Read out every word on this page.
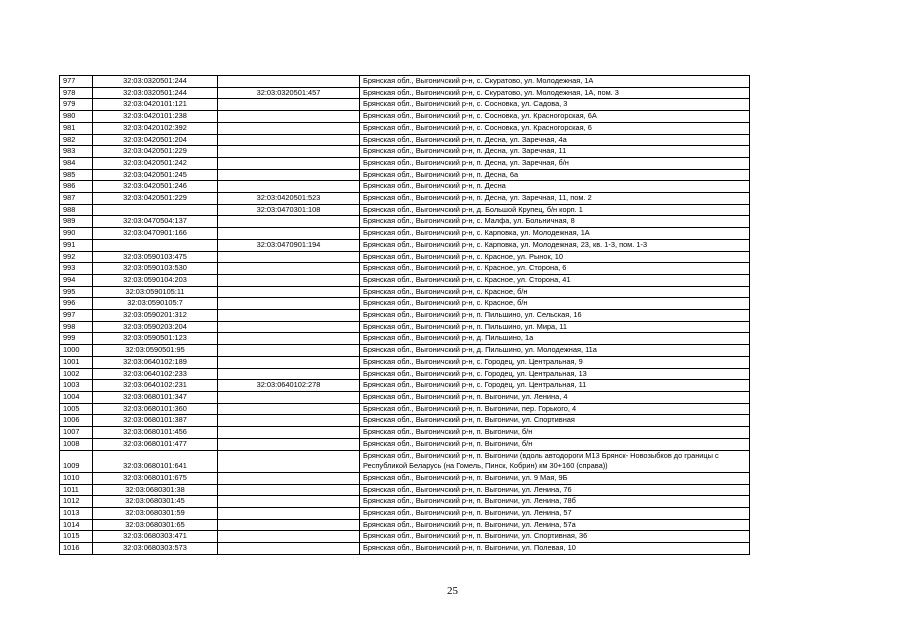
977	32:03:0320501:244		Брянская обл., Выгоничский р-н, с. Скуратово, ул. Молодежная, 1А
978	32:03:0320501:244	32:03:0320501:457	Брянская обл., Выгоничский р-н, с. Скуратово, ул. Молодежная, 1А, пом. 3
979	32:03:0420101:121		Брянская обл., Выгоничский р-н, с. Сосновка, ул. Садова, 3
980	32:03:0420101:238		Брянская обл., Выгоничский р-н, с. Сосновка, ул. Красногорская, 6А
981	32:03:0420102:392		Брянская обл., Выгоничский р-н, с. Сосновка, ул. Красногорская, 6
982	32:03:0420501:204		Брянская обл., Выгоничский р-н, п. Десна, ул. Заречная, 4а
983	32:03:0420501:229		Брянская обл., Выгоничский р-н, п. Десна, ул. Заречная, 11
984	32:03:0420501:242		Брянская обл., Выгоничский р-н, п. Десна, ул. Заречная, б/н
985	32:03:0420501:245		Брянская обл., Выгоничский р-н, п. Десна, 6а
986	32:03:0420501:246		Брянская обл., Выгоничский р-н, п. Десна
987	32:03:0420501:229	32:03:0420501:523	Брянская обл., Выгоничский р-н, п. Десна, ул. Заречная, 11, пом. 2
988		32:03:0470301:108	Брянская обл., Выгоничский р-н, д. Большой Крупец, б/н корп. 1
989	32:03:0470504:137		Брянская обл., Выгоничский р-н, с. Малфа, ул. Больничная, 8
990	32:03:0470901:166		Брянская обл., Выгоничский р-н, с. Карповка, ул. Молодежная, 1А
991		32:03:0470901:194	Брянская обл., Выгоничский р-н, с. Карповка, ул. Молодежная, 23, кв. 1-3, пом. 1-3
992	32:03:0590103:475		Брянская обл., Выгоничский р-н, с. Красное, ул. Рынок, 10
993	32:03:0590103:530		Брянская обл., Выгоничский р-н, с. Красное, ул. Сторона, 6
994	32:03:0590104:203		Брянская обл., Выгоничский р-н, с. Красное, ул. Сторона, 41
995	32:03:0590105:11		Брянская обл., Выгоничский р-н, с. Красное, б/н
996	32:03:0590105:7		Брянская обл., Выгоничский р-н, с. Красное, б/н
997	32:03:0590201:312		Брянская обл., Выгоничский р-н, п. Пильшино, ул. Сельская, 16
998	32:03:0590203:204		Брянская обл., Выгоничский р-н, п. Пильшино, ул. Мира, 11
999	32:03:0590501:123		Брянская обл., Выгоничский р-н, д. Пильшино, 1а
1000	32:03:0590501:95		Брянская обл., Выгоничский р-н, д. Пильшино, ул. Молодежная, 11а
1001	32:03:0640102:189		Брянская обл., Выгоничский р-н, с. Городец, ул. Центральная, 9
1002	32:03:0640102:233		Брянская обл., Выгоничский р-н, с. Городец, ул. Центральная, 13
1003	32:03:0640102:231	32:03:0640102:278	Брянская обл., Выгоничский р-н, с. Городец, ул. Центральная, 11
1004	32:03:0680101:347		Брянская обл., Выгоничский р-н, п. Выгоничи, ул. Ленина, 4
1005	32:03:0680101:360		Брянская обл., Выгоничский р-н, п. Выгоничи, пер. Горького, 4
1006	32:03:0680101:387		Брянская обл., Выгоничский р-н, п. Выгоничи, ул. Спортивная
1007	32:03:0680101:456		Брянская обл., Выгоничский р-н, п. Выгоничи, б/н
1008	32:03:0680101:477		Брянская обл., Выгоничский р-н, п. Выгоничи, б/н
1009	32:03:0680101:641		Брянская обл., Выгоничский р-н, п. Выгоничи (вдоль автодороги М13 Брянск- Новозыбков до границы с Республикой Беларусь (на Гомель, Пинск, Кобрин) км 30+160 (справа))
1010	32:03:0680101:675		Брянская обл., Выгоничский р-н, п. Выгоничи, ул. 9 Мая, 9Б
1011	32:03:0680301:38		Брянская обл., Выгоничский р-н, п. Выгоничи, ул. Ленина, 76
1012	32:03:0680301:45		Брянская обл., Выгоничский р-н, п. Выгоничи, ул. Ленина, 78б
1013	32:03:0680301:59		Брянская обл., Выгоничский р-н, п. Выгоничи, ул. Ленина, 57
1014	32:03:0680301:65		Брянская обл., Выгоничский р-н, п. Выгоничи, ул. Ленина, 57а
1015	32:03:0680303:471		Брянская обл., Выгоничский р-н, п. Выгоничи, ул. Спортивная, 36
1016	32:03:0680303:573		Брянская обл., Выгоничский р-н, п. Выгоничи, ул. Полевая, 10
25
